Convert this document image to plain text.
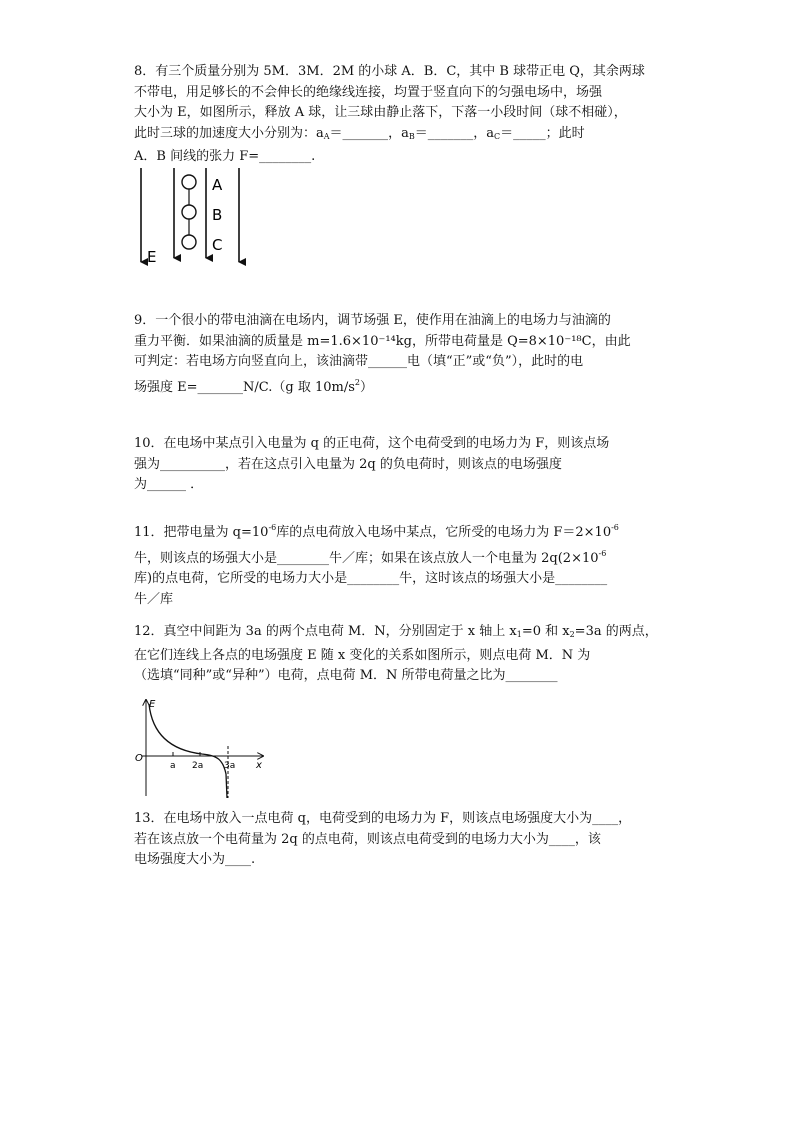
8．有三个质量分别为 5M．3M．2M 的小球 A．B．C，其中 B 球带正电 Q，其余两球

不带电，用足够长的不会伸长的绝缘线连接，均置于竖直向下的匀强电场中，场强

大小为 E，如图所示，释放 A 球，让三球由静止落下，下落一小段时间（球不相碰），

此时三球的加速度大小分别为：$a_A=\_\_\_\_\_\_\_$，$a_B=\_\_\_\_\_\_\_$，$a_C=\_\_\_\_\_$；此时

A．B 间线的张力 F=________.

A
B
C
E

9．一个很小的带电油滴在电场内，调节场强 E，使作用在油滴上的电场力与油滴的

重力平衡．如果油滴的质量是 m=1.6×10⁻¹⁴kg，所带电荷量是 Q=8×10⁻¹⁸C，由此

可判定：若电场方向竖直向上，该油滴带______电（填“正”或“负”），此时的电

场强度 E=_______N/C.（g 取 $10m/s^2$）

10．在电场中某点引入电量为 q 的正电荷，这个电荷受到的电场力为 F，则该点场

强为__________，若在这点引入电量为 2q 的负电荷时，则该点的电场强度

为______ ．

11．把带电量为 $q=10^{-6}$库的点电荷放入电场中某点，它所受的电场力为 $F=2\times 10^{-6}$

牛，则该点的场强大小是________牛／库；如果在该点放人一个电量为 $2q(2\times 10^{-6}$

库)的点电荷，它所受的电场力大小是________牛，这时该点的场强大小是________

牛／库

12．真空中间距为 3a 的两个点电荷 M．N，分别固定于 x 轴上 $x_1=0$ 和 $x_2=3a$ 的两点，

在它们连线上各点的电场强度 E 随 x 变化的关系如图所示，则点电荷 M．N 为

（选填“同种”或“异种”）电荷，点电荷 M．N 所带电荷量之比为________

E
x
O
a 2a 3a

13．在电场中放入一点电荷 q，电荷受到的电场力为 F，则该点电场强度大小为____，

若在该点放一个电荷量为 2q 的点电荷，则该点电荷受到的电场力大小为____，该

电场强度大小为____.
